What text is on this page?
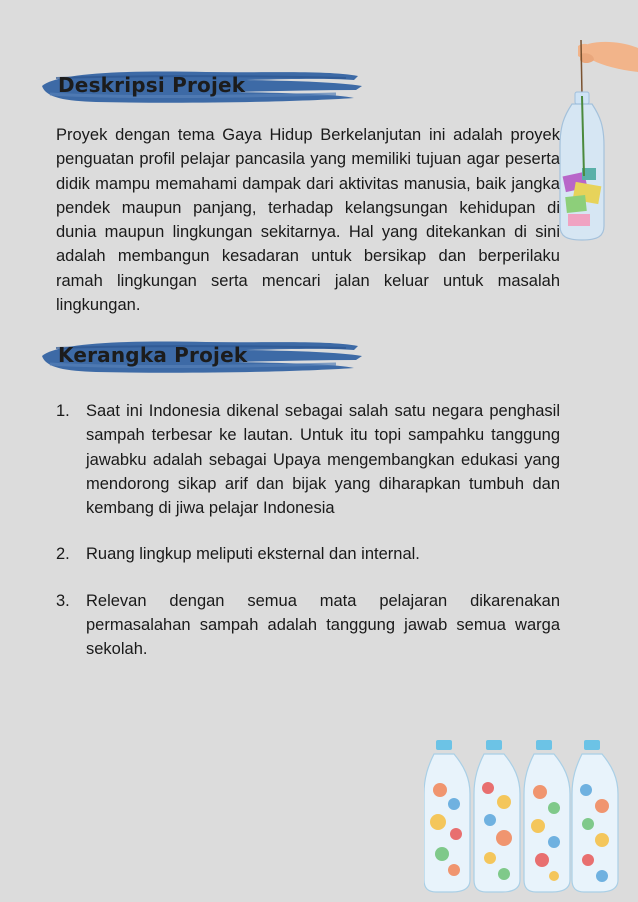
Deskripsi Projek

Proyek dengan tema Gaya Hidup Berkelanjutan ini adalah proyek penguatan profil pelajar pancasila yang memiliki tujuan agar peserta didik mampu memahami dampak dari aktivitas manusia, baik jangka pendek maupun panjang, terhadap kelangsungan kehidupan di dunia maupun lingkungan sekitarnya. Hal yang ditekankan di sini adalah membangun kesadaran untuk bersikap dan berperilaku ramah lingkungan serta mencari jalan keluar untuk masalah lingkungan.

Kerangka Projek
1. Saat ini Indonesia dikenal sebagai salah satu negara penghasil sampah terbesar ke lautan. Untuk itu topi sampahku tanggung jawabku adalah sebagai Upaya mengembangkan edukasi yang mendorong sikap arif dan bijak yang diharapkan tumbuh dan kembang di jiwa pelajar Indonesia
2. Ruang lingkup meliputi eksternal dan internal.
3. Relevan dengan semua mata pelajaran dikarenakan permasalahan sampah adalah tanggung jawab semua warga sekolah.
